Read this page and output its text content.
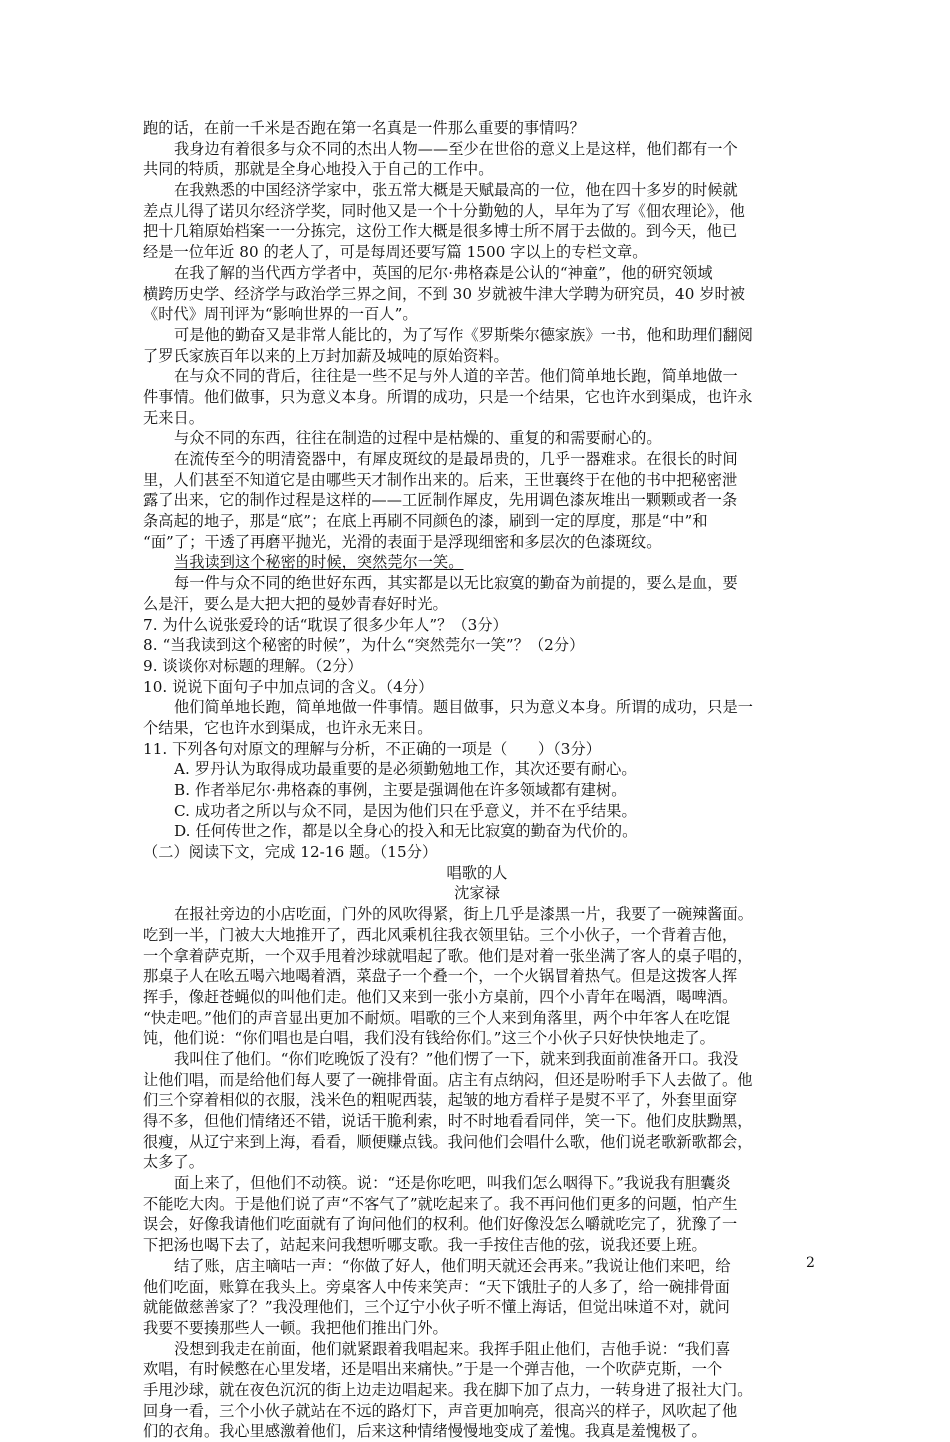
跑的话，在前一千米是否跑在第一名真是一件那么重要的事情吗？
我身边有着很多与众不同的杰出人物——至少在世俗的意义上是这样，他们都有一个
共同的特质，那就是全身心地投入于自己的工作中。
在我熟悉的中国经济学家中，张五常大概是天赋最高的一位，他在四十多岁的时候就
差点儿得了诺贝尔经济学奖，同时他又是一个十分勤勉的人，早年为了写《佃农理论》，他
把十几箱原始档案一一分拣完，这份工作大概是很多博士所不屑于去做的。到今天，他已
经是一位年近 80 的老人了，可是每周还要写篇 1500 字以上的专栏文章。
在我了解的当代西方学者中，英国的尼尔·弗格森是公认的“神童”，他的研究领域
横跨历史学、经济学与政治学三界之间，不到 30 岁就被牛津大学聘为研究员，40 岁时被
《时代》周刊评为“影响世界的一百人”。
可是他的勤奋又是非常人能比的，为了写作《罗斯柴尔德家族》一书，他和助理们翻阅
了罗氏家族百年以来的上万封加薪及城吨的原始资料。
在与众不同的背后，往往是一些不足与外人道的辛苦。他们简单地长跑，简单地做一
件事情。他们做事，只为意义本身。所谓的成功，只是一个结果，它也许水到渠成，也许永
无来日。
与众不同的东西，往往在制造的过程中是枯燥的、重复的和需要耐心的。
在流传至今的明清瓷器中，有犀皮斑纹的是最昂贵的，几乎一器难求。在很长的时间
里，人们甚至不知道它是由哪些天才制作出来的。后来，王世襄终于在他的书中把秘密泄
露了出来，它的制作过程是这样的——工匠制作犀皮，先用调色漆灰堆出一颗颗或者一条
条高起的地子，那是“底”；在底上再刷不同颜色的漆，刷到一定的厚度，那是“中”和
“面”了；干透了再磨平抛光，光滑的表面于是浮现细密和多层次的色漆斑纹。
当我读到这个秘密的时候，突然莞尔一笑。
每一件与众不同的绝世好东西，其实都是以无比寂寞的勤奋为前提的，要么是血，要
么是汗，要么是大把大把的曼妙青春好时光。
7. 为什么说张爱玲的话“耽误了很多少年人”？（3分）
8. “当我读到这个秘密的时候”，为什么“突然莞尔一笑”？（2分）
9. 谈谈你对标题的理解。（2分）
10. 说说下面句子中加点词的含义。（4分）
他们简单地长跑，简单地做一件事情。题目做事，只为意义本身。所谓的成功，只是一
个结果，它也许水到渠成，也许永无来日。
11. 下列各句对原文的理解与分析，不正确的一项是（　　）（3分）
A. 罗丹认为取得成功最重要的是必须勤勉地工作，其次还要有耐心。
B. 作者举尼尔·弗格森的事例，主要是强调他在许多领域都有建树。
C. 成功者之所以与众不同，是因为他们只在乎意义，并不在乎结果。
D. 任何传世之作，都是以全身心的投入和无比寂寞的勤奋为代价的。
（二）阅读下文，完成 12-16 题。（15分）
唱歌的人
沈家禄
在报社旁边的小店吃面，门外的风吹得紧，街上几乎是漆黑一片，我要了一碗辣酱面。
吃到一半，门被大大地推开了，西北风乘机往我衣领里钻。三个小伙子，一个背着吉他，
一个拿着萨克斯，一个双手甩着沙球就唱起了歌。他们是对着一张坐满了客人的桌子唱的，
那桌子人在吆五喝六地喝着酒，菜盘子一个叠一个，一个火锅冒着热气。但是这拨客人挥
挥手，像赶苍蝇似的叫他们走。他们又来到一张小方桌前，四个小青年在喝酒，喝啤酒。
“快走吧。”他们的声音显出更加不耐烦。唱歌的三个人来到角落里，两个中年客人在吃馄
饨，他们说：“你们唱也是白唱，我们没有钱给你们。”这三个小伙子只好快快地走了。
我叫住了他们。“你们吃晚饭了没有？”他们愣了一下，就来到我面前准备开口。我没
让他们唱，而是给他们每人要了一碗排骨面。店主有点纳闷，但还是吩咐手下人去做了。他
们三个穿着相似的衣服，浅米色的粗呢西装，起皱的地方看样子是熨不平了，外套里面穿
得不多，但他们情绪还不错，说话干脆利索，时不时地看看同伴，笑一下。他们皮肤黝黑，
很瘦，从辽宁来到上海，看看，顺便赚点钱。我问他们会唱什么歌，他们说老歌新歌都会，
太多了。
面上来了，但他们不动筷。说：“还是你吃吧，叫我们怎么咽得下。”我说我有胆囊炎
不能吃大肉。于是他们说了声“不客气了”就吃起来了。我不再问他们更多的问题，怕产生
误会，好像我请他们吃面就有了询问他们的权利。他们好像没怎么嚼就吃完了，犹豫了一
下把汤也喝下去了，站起来问我想听哪支歌。我一手按住吉他的弦，说我还要上班。
结了账，店主嘀咕一声：“你做了好人，他们明天就还会再来。”我说让他们来吧，给
他们吃面，账算在我头上。旁桌客人中传来笑声：“天下饿肚子的人多了，给一碗排骨面
就能做慈善家了？”我没理他们，三个辽宁小伙子听不懂上海话，但觉出味道不对，就问
我要不要揍那些人一顿。我把他们推出门外。
没想到我走在前面，他们就紧跟着我唱起来。我挥手阻止他们，吉他手说：“我们喜
欢唱，有时候憋在心里发堵，还是唱出来痛快。”于是一个弹吉他，一个吹萨克斯，一个
手甩沙球，就在夜色沉沉的街上边走边唱起来。我在脚下加了点力，一转身进了报社大门。
回身一看，三个小伙子就站在不远的路灯下，声音更加响亮，很高兴的样子，风吹起了他
们的衣角。我心里感激着他们，后来这种情绪慢慢地变成了羞愧。我真是羞愧极了。
2
